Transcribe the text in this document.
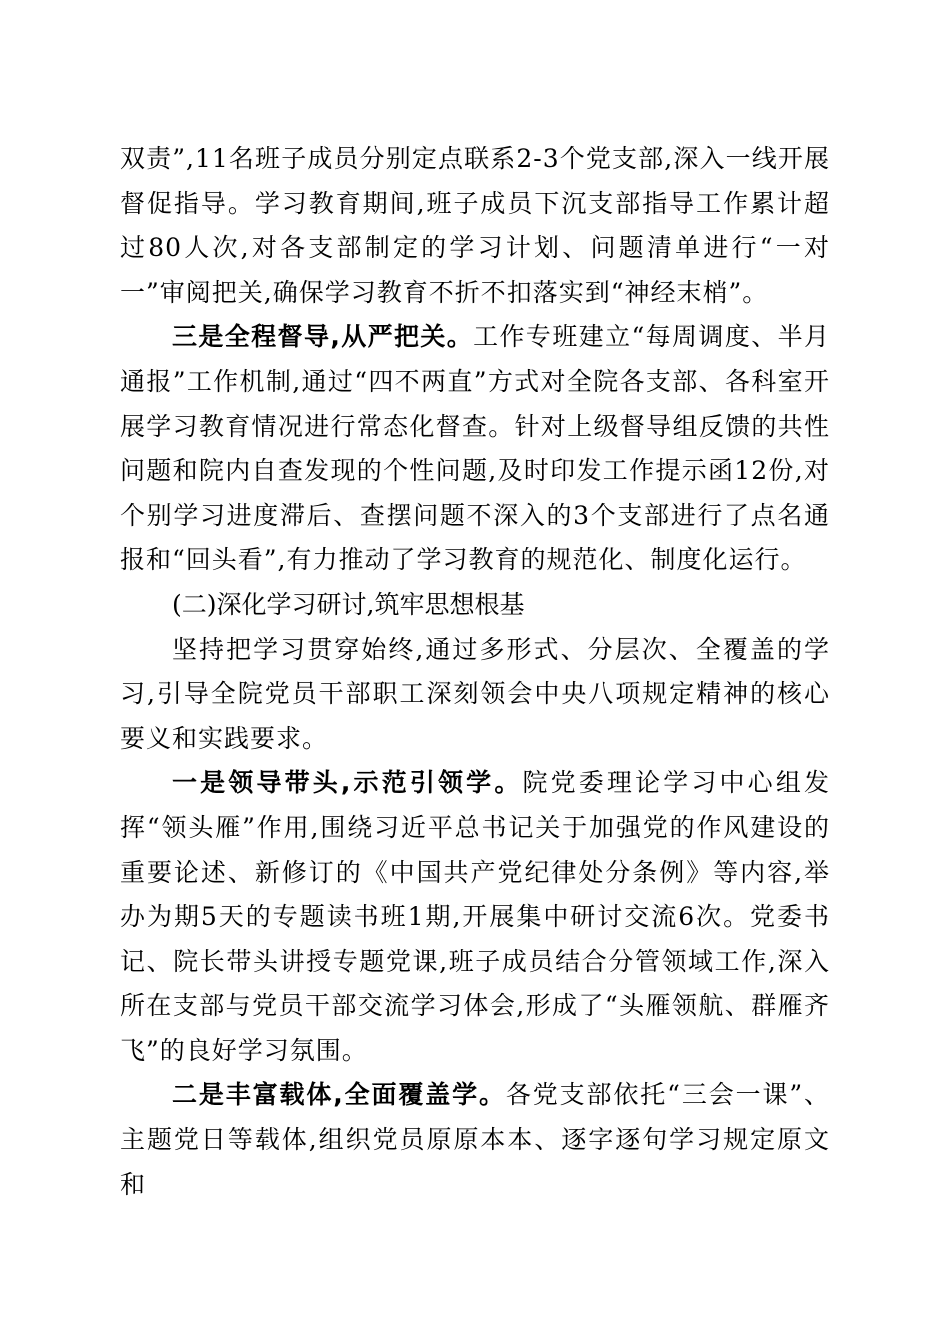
双责”,11名班子成员分别定点联系2-3个党支部,深入一线开展督促指导。学习教育期间,班子成员下沉支部指导工作累计超过80人次,对各支部制定的学习计划、问题清单进行“一对一”审阅把关,确保学习教育不折不扣落实到“神经末梢”。

三是全程督导,从严把关。工作专班建立“每周调度、半月通报”工作机制,通过“四不两直”方式对全院各支部、各科室开展学习教育情况进行常态化督查。针对上级督导组反馈的共性问题和院内自查发现的个性问题,及时印发工作提示函12份,对个别学习进度滞后、查摆问题不深入的3个支部进行了点名通报和“回头看”,有力推动了学习教育的规范化、制度化运行。

(二)深化学习研讨,筑牢思想根基

坚持把学习贯穿始终,通过多形式、分层次、全覆盖的学习,引导全院党员干部职工深刻领会中央八项规定精神的核心要义和实践要求。

一是领导带头,示范引领学。院党委理论学习中心组发挥“领头雁”作用,围绕习近平总书记关于加强党的作风建设的重要论述、新修订的《中国共产党纪律处分条例》等内容,举办为期5天的专题读书班1期,开展集中研讨交流6次。党委书记、院长带头讲授专题党课,班子成员结合分管领域工作,深入所在支部与党员干部交流学习体会,形成了“头雁领航、群雁齐飞”的良好学习氛围。

二是丰富载体,全面覆盖学。各党支部依托“三会一课”、主题党日等载体,组织党员原原本本、逐字逐句学习规定原文和
